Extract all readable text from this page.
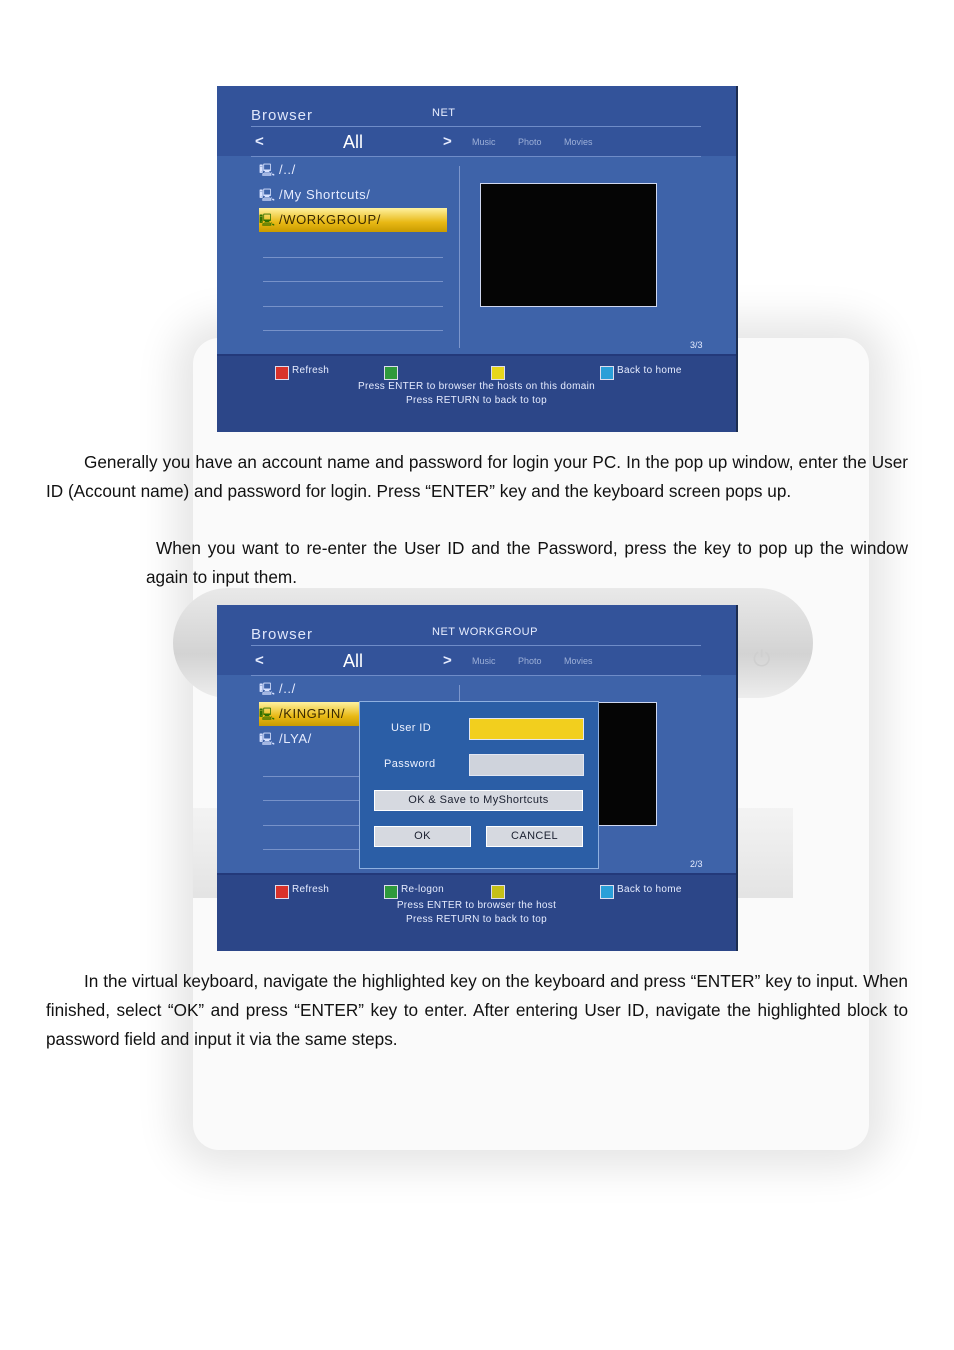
⏻
Browser	NET
<	All	> Music Photo Movies
🖳 /../
🖳 /My Shortcuts/
🖳 /WORKGROUP/
3/3
Refresh	Back to home
Press ENTER to browser the hosts on this domain
Press RETURN to back to top
Generally you have an account name and password for login your PC. In the pop up window, enter the User ID (Account name) and password for login. Press “ENTER” key and the keyboard screen pops up.
When you want to re-enter the User ID and the Password, press the key to pop up the window again to input them.
Browser	NET WORKGROUP
<	All	> Music Photo Movies
🖳 /../
🖳 /KINGPIN/
🖳 /LYA/
2/3
User ID
Password
OK & Save to MyShortcuts
OK	CANCEL
Refresh	Re-logon	Back to home
Press ENTER to browser the host
Press RETURN to back to top
In the virtual keyboard, navigate the highlighted key on the keyboard and press “ENTER” key to input. When finished, select “OK” and press “ENTER” key to enter. After entering User ID, navigate the highlighted block to password field and input it via the same steps.
